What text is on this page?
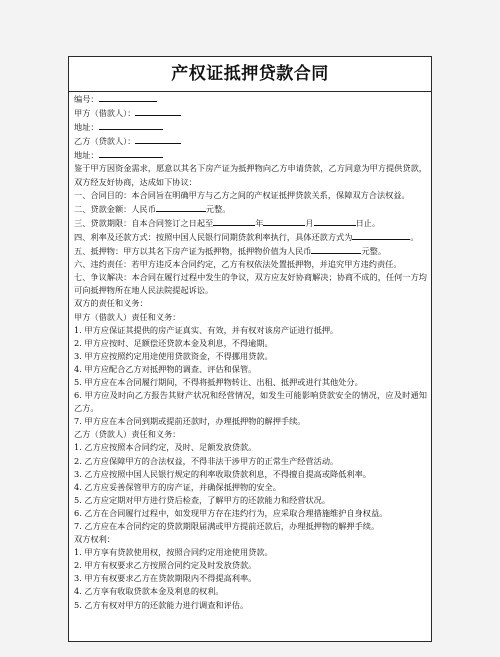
产权证抵押贷款合同
编号：
甲方（借款人）：
地址：
乙方（贷款人）：
地址：
鉴于甲方因资金需求，愿意以其名下房产证为抵押物向乙方申请贷款，乙方同意为甲方提供贷款，双方经友好协商，达成如下协议：
一、合同目的：本合同旨在明确甲方与乙方之间的产权证抵押贷款关系，保障双方合法权益。
二、贷款金额：人民币	元整。
三、贷款期限：自本合同签订之日起至	年	月	日止。
四、利率及还款方式：按照中国人民银行同期贷款利率执行，具体还款方式为	。
五、抵押物：甲方以其名下房产证为抵押物，抵押物价值为人民币	元整。
六、违约责任：若甲方违反本合同约定，乙方有权依法处置抵押物，并追究甲方违约责任。
七、争议解决：本合同在履行过程中发生的争议，双方应友好协商解决；协商不成的，任何一方均可向抵押物所在地人民法院提起诉讼。
双方的责任和义务：
甲方（借款人）责任和义务：
1. 甲方应保证其提供的房产证真实、有效，并有权对该房产证进行抵押。
2. 甲方应按时、足额偿还贷款本金及利息，不得逾期。
3. 甲方应按照约定用途使用贷款资金，不得挪用贷款。
4. 甲方应配合乙方对抵押物的调查、评估和保管。
5. 甲方应在本合同履行期间，不得将抵押物转让、出租、抵押或进行其他处分。
6. 甲方应及时向乙方报告其财产状况和经营情况，如发生可能影响贷款安全的情况，应及时通知乙方。
7. 甲方应在本合同到期或提前还款时，办理抵押物的解押手续。
乙方（贷款人）责任和义务：
1. 乙方应按照本合同约定，及时、足额发放贷款。
2. 乙方应保障甲方的合法权益，不得非法干涉甲方的正常生产经营活动。
3. 乙方应按照中国人民银行规定的利率收取贷款利息，不得擅自提高或降低利率。
4. 乙方应妥善保管甲方的房产证，并确保抵押物的安全。
5. 乙方应定期对甲方进行贷后检查，了解甲方的还款能力和经营状况。
6. 乙方在合同履行过程中，如发现甲方存在违约行为，应采取合理措施维护自身权益。
7. 乙方应在本合同约定的贷款期限届满或甲方提前还款后，办理抵押物的解押手续。
双方权利：
1. 甲方享有贷款使用权，按照合同约定用途使用贷款。
2. 甲方有权要求乙方按照合同约定及时发放贷款。
3. 甲方有权要求乙方在贷款期限内不得提高利率。
4. 乙方享有收取贷款本金及利息的权利。
5. 乙方有权对甲方的还款能力进行调查和评估。
